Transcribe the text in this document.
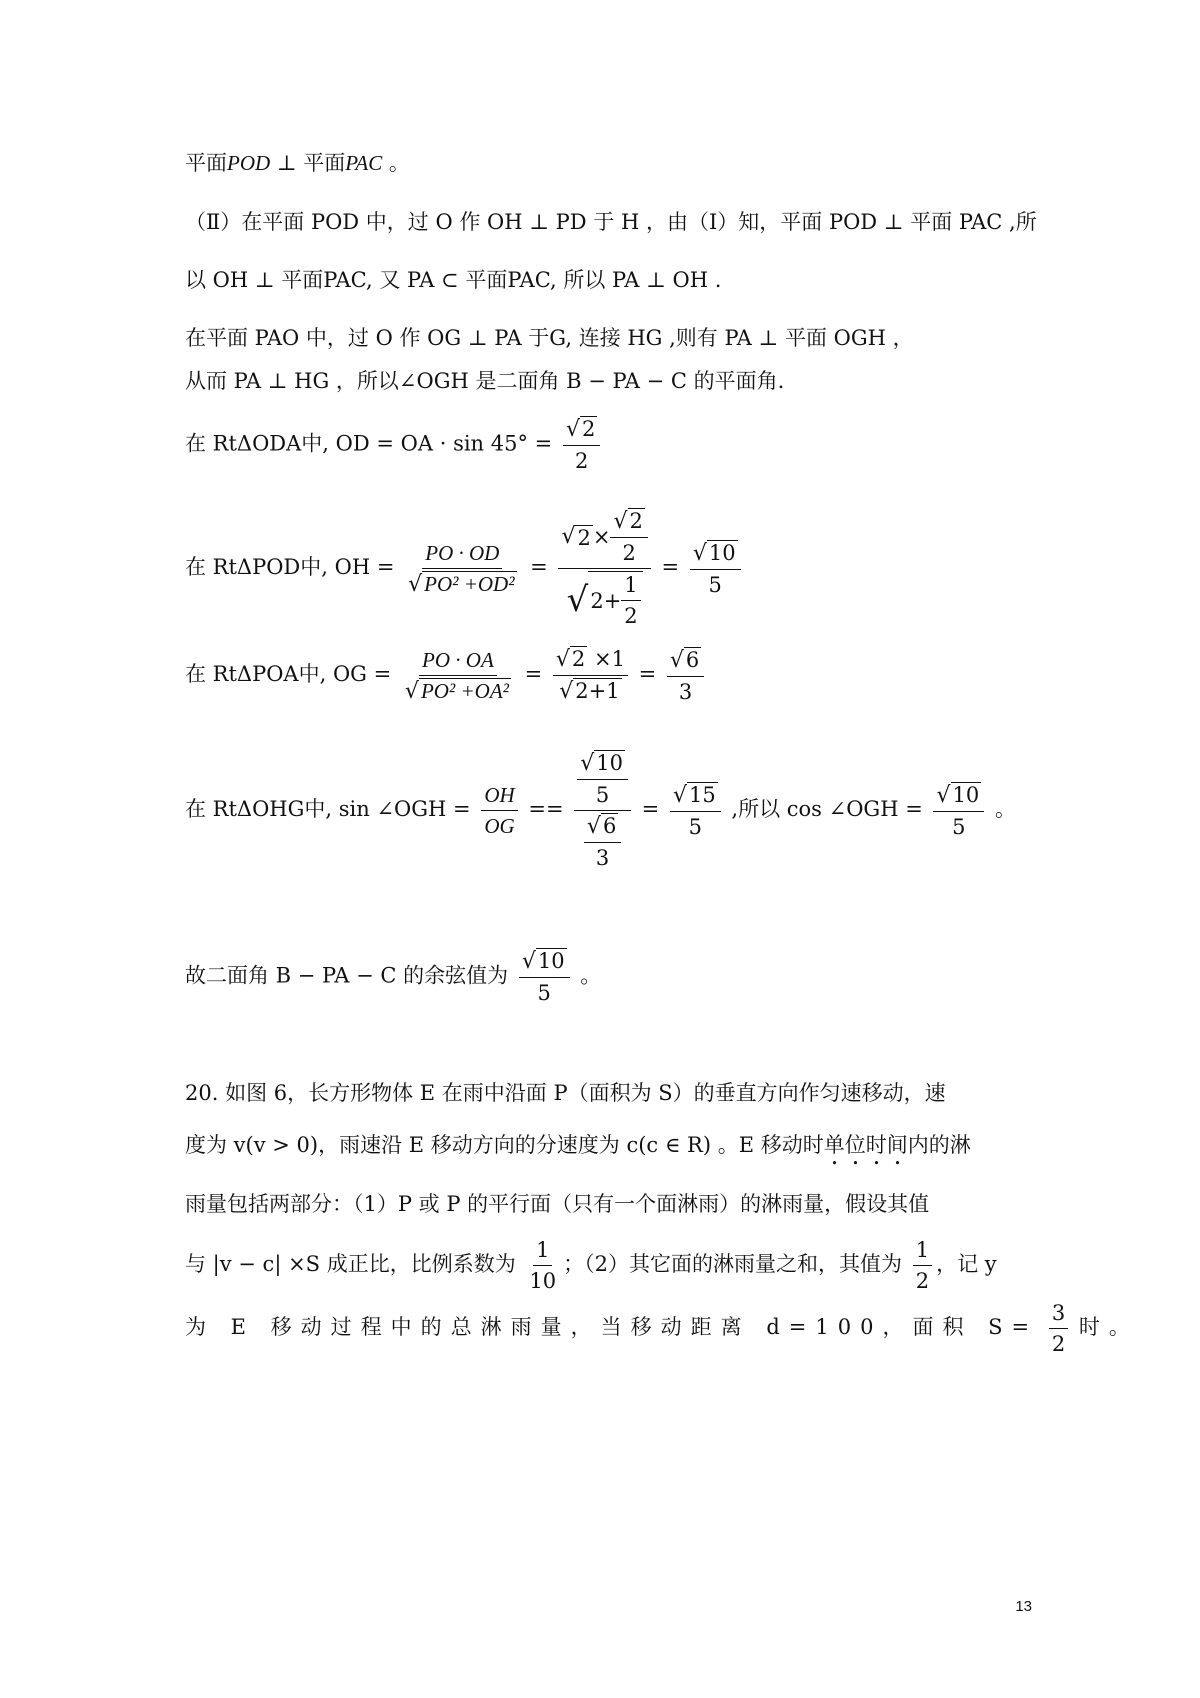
平面POD ⊥ 平面PAC 。
（Ⅱ）在平面 POD 中，过 O 作 OH ⊥ PD 于 H ，由（Ⅰ）知，平面 POD ⊥ 平面 PAC ,所
以 OH ⊥ 平面PAC, 又 PA ⊂ 平面PAC, 所以 PA ⊥ OH .
在平面 PAO 中，过 O 作 OG ⊥ PA 于G, 连接 HG ,则有 PA ⊥ 平面 OGH ，
从而 PA ⊥ HG ，所以∠OGH 是二面角 B − PA − C 的平面角.
在 RtΔODA中, OD = OA · $\sin 45^\circ = \frac{√2}{2}$
在 RtΔPOD中, OH = $\frac{PO \cdot OD}{\text{√PO² +OD²}} = \frac{√ 2 \times \frac{√2}{2}}{√ 2+ \frac{1}{2}} = \frac{√10}{5}$
在 RtΔPOA中, OG = $\frac{PO \cdot OA}{\text{√PO² +OA²}} = \frac{√2 \times 1}{√2+1} = \frac{√6}{3}$
在 RtΔOHG中, sin ∠OGH = $\frac{OH}{OG} == \frac{\frac{√10}{5}}{\frac{√6}{3}} = \frac{√15}{5}$ ,所以 cos ∠OGH = $\frac{√10}{5}$ 。
故二面角 B − PA − C 的余弦值为 $\frac{√10}{5}$ 。
20. 如图 6，长方形物体 E 在雨中沿面 P（面积为 S）的垂直方向作匀速移动，速
度为 v(v > 0)，雨速沿 E 移动方向的分速度为 c(c ∈ R) 。E 移动时单位时间内的淋
雨量包括两部分：（1）P 或 P 的平行面（只有一个面淋雨）的淋雨量，假设其值
与 |v − c| ×S 成正比，比例系数为 $\frac{1}{10}$ ；（2）其它面的淋雨量之和，其值为 $\frac{1}{2}$ ，记 y
为 E 移动过程中的总淋雨量，当移动距离 d=100，面积 $S= \frac{3}{2}$ 时。
13
